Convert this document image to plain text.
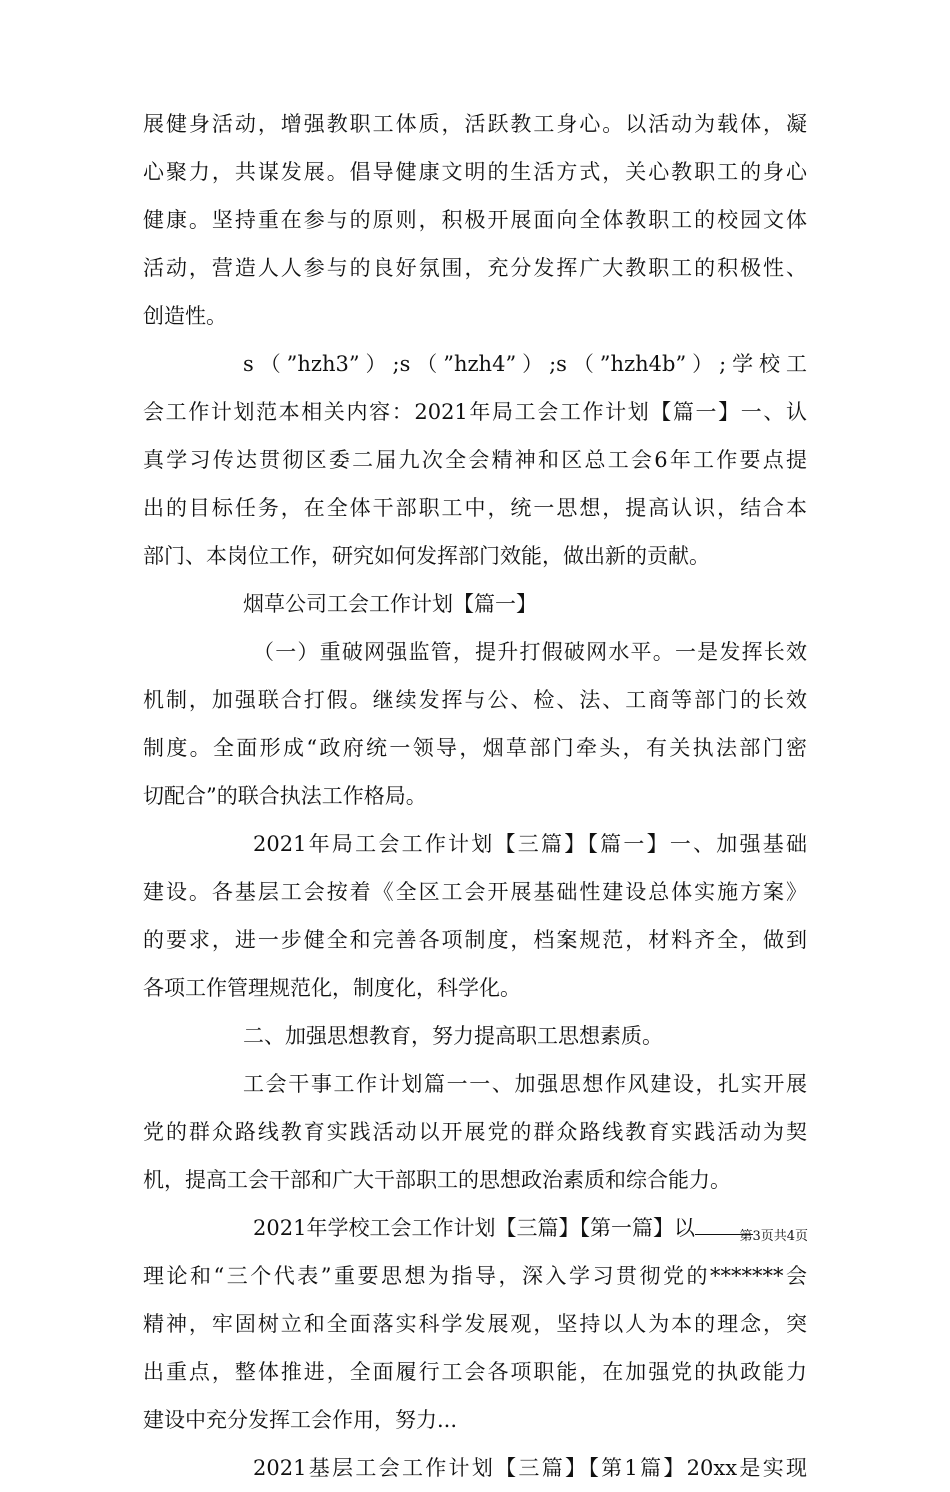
展健身活动，增强教职工体质，活跃教工身心。以活动为载体，凝
心聚力，共谋发展。倡导健康文明的生活方式，关心教职工的身心
健康。坚持重在参与的原则，积极开展面向全体教职工的校园文体
活动，营造人人参与的良好氛围，充分发挥广大教职工的积极性、
创造性。
s（”hzh3”）;s（”hzh4”）;s（”hzh4b”）;学校工
会工作计划范本相关内容：2021年局工会工作计划【篇一】一、认
真学习传达贯彻区委二届九次全会精神和区总工会6年工作要点提
出的目标任务，在全体干部职工中，统一思想，提高认识，结合本
部门、本岗位工作，研究如何发挥部门效能，做出新的贡献。
烟草公司工会工作计划【篇一】
（一）重破网强监管，提升打假破网水平。一是发挥长效
机制，加强联合打假。继续发挥与公、检、法、工商等部门的长效
制度。全面形成“政府统一领导，烟草部门牵头，有关执法部门密
切配合”的联合执法工作格局。
2021年局工会工作计划【三篇】【篇一】一、加强基础
建设。各基层工会按着《全区工会开展基础性建设总体实施方案》
的要求，进一步健全和完善各项制度，档案规范，材料齐全，做到
各项工作管理规范化，制度化，科学化。
二、加强思想教育，努力提高职工思想素质。
工会干事工作计划篇一一、加强思想作风建设，扎实开展
党的群众路线教育实践活动以开展党的群众路线教育实践活动为契
机，提高工会干部和广大干部职工的思想政治素质和综合能力。
2021年学校工会工作计划【三篇】【第一篇】以
理论和“三个代表”重要思想为指导，深入学习贯彻党的*******会
精神，牢固树立和全面落实科学发展观，坚持以人为本的理念，突
出重点，整体推进，全面履行工会各项职能，在加强党的执政能力
建设中充分发挥工会作用，努力...
2021基层工会工作计划【三篇】【第1篇】20xx是实现
第3页共4页
